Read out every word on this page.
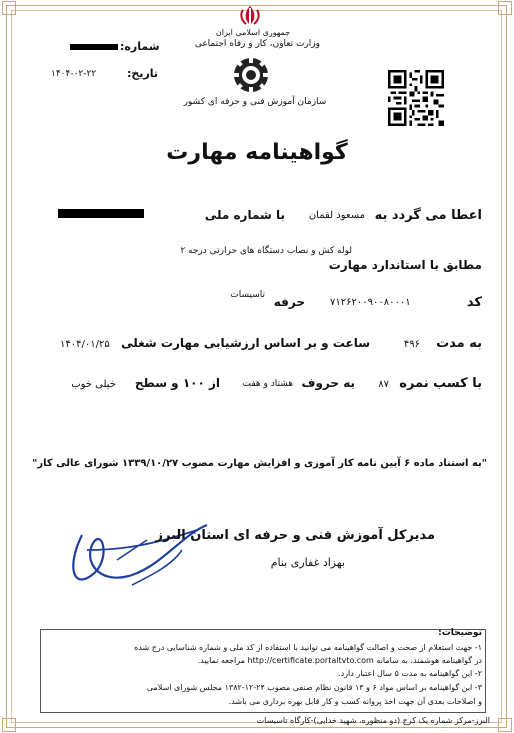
جمهوری اسلامی ایران
وزارت تعاون، کار و رفاه اجتماعی
سازمان آموزش فنی و حرفه ای کشور
شماره:
تاریخ:
۱۴۰۴-۰۲-۲۲
گواهینامه مهارت
اعطا می گردد به
مسعود لقمان
با شماره ملی
مطابق با استاندارد مهارت
لوله کش و نصاب دستگاه های حرارتی درجه ۲
کد
۷۱۲۶۲۰۰۹۰۰۸۰۰۰۱
حرفه
تاسیسات
به مدت
۴۹۶
ساعت و بر اساس ارزشیابی مهارت شغلی
۱۴۰۴/۰۱/۲۵
با کسب نمره
۸۷
به حروف
هشتاد و هفت
از ۱۰۰ و سطح
خیلی خوب
"به استناد ماده ۶ آیین نامه کار آموزی و افزایش مهارت مصوب ۱۳۳۹/۱۰/۲۷ شورای عالی کار"
مدیرکل آموزش فنی و حرفه ای استان البرز
بهزاد غفاری بنام
توضیحات:
۱- جهت استعلام از صحت و اصالت گواهینامه می توانید با استفاده از کد ملی و شماره شناسایی درج شده
در گواهینامه هوشمند، به سامانه http://certificate.portaltvto.com مراجعه نمایید.
۲- این گواهینامه به مدت ۵ سال اعتبار دارد.
۳- این گواهینامه بر اساس مواد ۶ و ۱۳ قانون نظام صنفی مصوب ۲۴-۱۲-۱۳۸۲ مجلس شورای اسلامی
و اصلاحات بعدی آن جهت اخذ پروانه کسب و کار قابل بهره برداری می باشد.
البرز-مرکز شماره یک کرج (دو منظوره، شهید خدایی)-کارگاه تاسیسات
